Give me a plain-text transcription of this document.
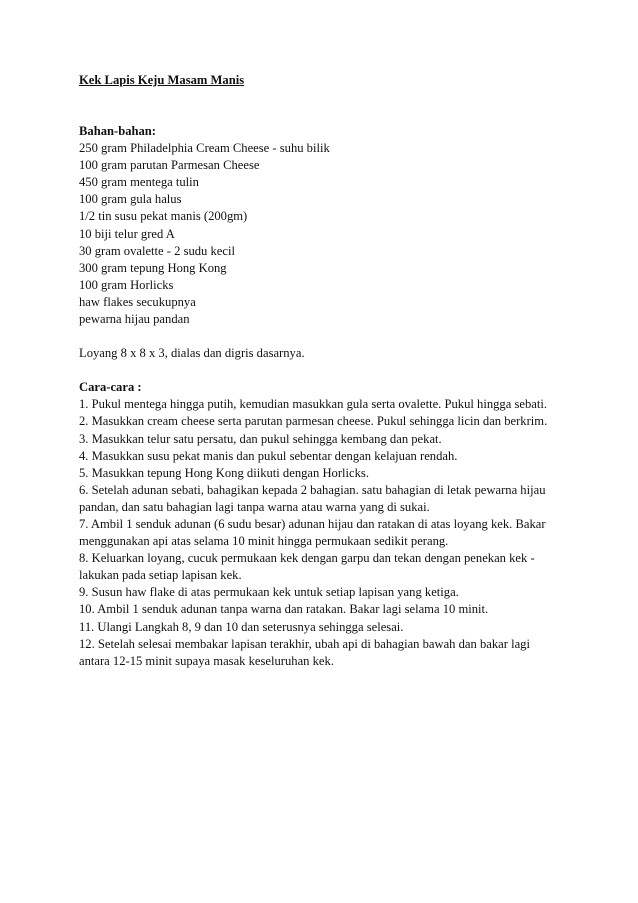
Kek Lapis Keju Masam Manis

Bahan-bahan:

250 gram Philadelphia Cream Cheese - suhu bilik
100 gram parutan Parmesan Cheese
450 gram mentega tulin
100 gram gula halus
1/2 tin susu pekat manis (200gm)
10 biji telur gred A
30 gram ovalette - 2 sudu kecil
300 gram tepung Hong Kong
100 gram Horlicks
haw flakes secukupnya
pewarna hijau pandan

Loyang 8 x 8 x 3, dialas dan digris dasarnya.

Cara-cara :

1. Pukul mentega hingga putih, kemudian masukkan gula serta ovalette. Pukul hingga sebati.
2. Masukkan cream cheese serta parutan parmesan cheese. Pukul sehingga licin dan berkrim.
3. Masukkan telur satu persatu, dan pukul sehingga kembang dan pekat.
4. Masukkan susu pekat manis dan pukul sebentar dengan kelajuan rendah.
5. Masukkan tepung Hong Kong diikuti dengan Horlicks.
6. Setelah adunan sebati, bahagikan kepada 2 bahagian. satu bahagian di letak pewarna hijau
pandan, dan satu bahagian lagi tanpa warna atau warna yang di sukai.
7. Ambil 1 senduk adunan (6 sudu besar) adunan hijau dan ratakan di atas loyang kek. Bakar
menggunakan api atas selama 10 minit hingga permukaan sedikit perang.
8. Keluarkan loyang, cucuk permukaan kek dengan garpu dan tekan dengan penekan kek -
lakukan pada setiap lapisan kek.
9. Susun haw flake di atas permukaan kek untuk setiap lapisan yang ketiga.
10. Ambil 1 senduk adunan tanpa warna dan ratakan. Bakar lagi selama 10 minit.
11. Ulangi Langkah 8, 9 dan 10 dan seterusnya sehingga selesai.
12. Setelah selesai membakar lapisan terakhir, ubah api di bahagian bawah dan bakar lagi
antara 12-15 minit supaya masak keseluruhan kek.
